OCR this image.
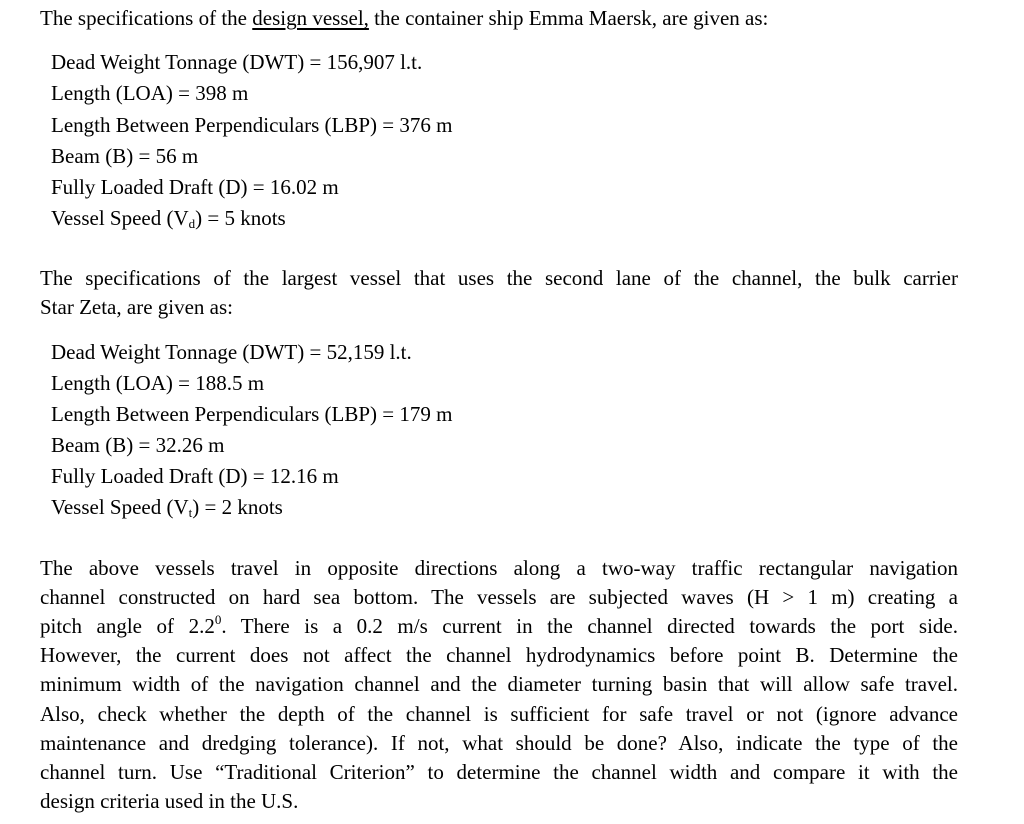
The specifications of the design vessel, the container ship Emma Maersk, are given as:
Dead Weight Tonnage (DWT) = 156,907 l.t.
Length (LOA) = 398 m
Length Between Perpendiculars (LBP) = 376 m
Beam (B) = 56 m
Fully Loaded Draft (D) = 16.02 m
Vessel Speed $(V_d) = 5$ knots
The specifications of the largest vessel that uses the second lane of the channel, the bulk carrier
Star Zeta, are given as:
Dead Weight Tonnage (DWT) = 52,159 l.t.
Length (LOA) = 188.5 m
Length Between Perpendiculars (LBP) = 179 m
Beam (B) = 32.26 m
Fully Loaded Draft (D) = 12.16 m
Vessel Speed $(V_t) = 2$ knots
The above vessels travel in opposite directions along a two-way traffic rectangular navigation
channel constructed on hard sea bottom. The vessels are subjected waves (H > 1 m) creating a
pitch angle of $2.2^0$. There is a 0.2 m/s current in the channel directed towards the port side.
However, the current does not affect the channel hydrodynamics before point B. Determine the
minimum width of the navigation channel and the diameter turning basin that will allow safe travel.
Also, check whether the depth of the channel is sufficient for safe travel or not (ignore advance
maintenance and dredging tolerance). If not, what should be done? Also, indicate the type of the
channel turn. Use “Traditional Criterion” to determine the channel width and compare it with the
design criteria used in the U.S.
